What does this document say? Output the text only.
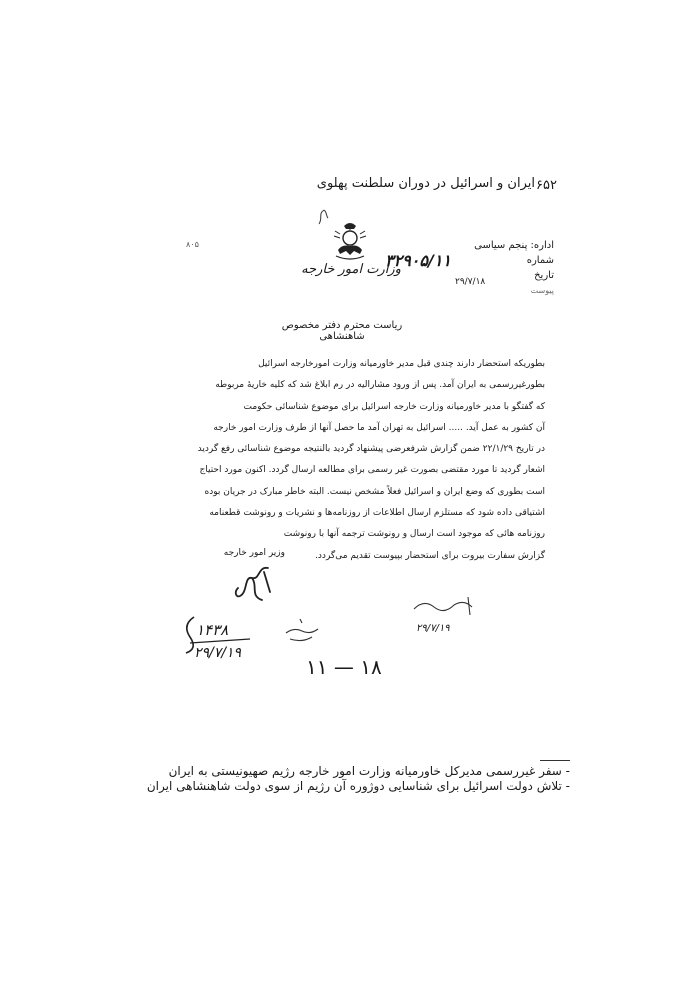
۶۵۲
ایران و اسرائیل در دوران سلطنت پهلوی
وزارت امور خارجه
۸۰۵	اداره: پنجم سیاسی
شماره
تاریخ
پیوست
۳۲۹۰۵/۱۱
۲۹/۷/۱۸
ریاست محترم دفتر مخصوص شاهنشاهی

بطوریکه استحضار دارند چندی قبل مدیر خاورمیانه وزارت امورخارجه اسرائیل

بطورغیررسمی به ایران آمد. پس از ورود مشارالیه در رم ابلاغ شد که کلیه خاریهٔ مربوطه

که گفتگو با مدیر خاورمیانه وزارت خارجه اسرائیل برای موضوع شناسائی حکومت

آن کشور به عمل آید. ..... اسرائیل به تهران آمد ما حصل آنها از طرف وزارت امور خارجه

در تاریخ ۲۲/۱/۲۹ ضمن گزارش شرفعرضی پیشنهاد گردید بالنتیجه موضوع شناسائی رفع گردید

اشعار گردید تا مورد مقتضی بصورت غیر رسمی برای مطالعه ارسال گردد. اکنون مورد احتیاج

است بطوری که وضع ایران و اسرائیل فعلاً مشخص نیست. البته خاطر مبارک در جریان بوده

اشتیاقی داده شود که مستلزم ارسال اطلاعات از روزنامه‌ها و نشریات و رونوشت قطعنامه

روزنامه هائی که موجود است ارسال و رونوشت ترجمه آنها با رونوشت

گزارش سفارت بیروت برای استحضار بپیوست تقدیم می‌گردد.

وزیر امور خارجه
۲۹/۷/۱۹
۱۴۳۸
۲۹/۷/۱۹
۱۱ — ۱۸
- سفر غیررسمی مدیرکل خاورمیانه وزارت امور خارجه رژیم صهیونیستی به ایران
- تلاش دولت اسرائیل برای شناسایی دوژوره آن رژیم از سوی دولت شاهنشاهی ایران
